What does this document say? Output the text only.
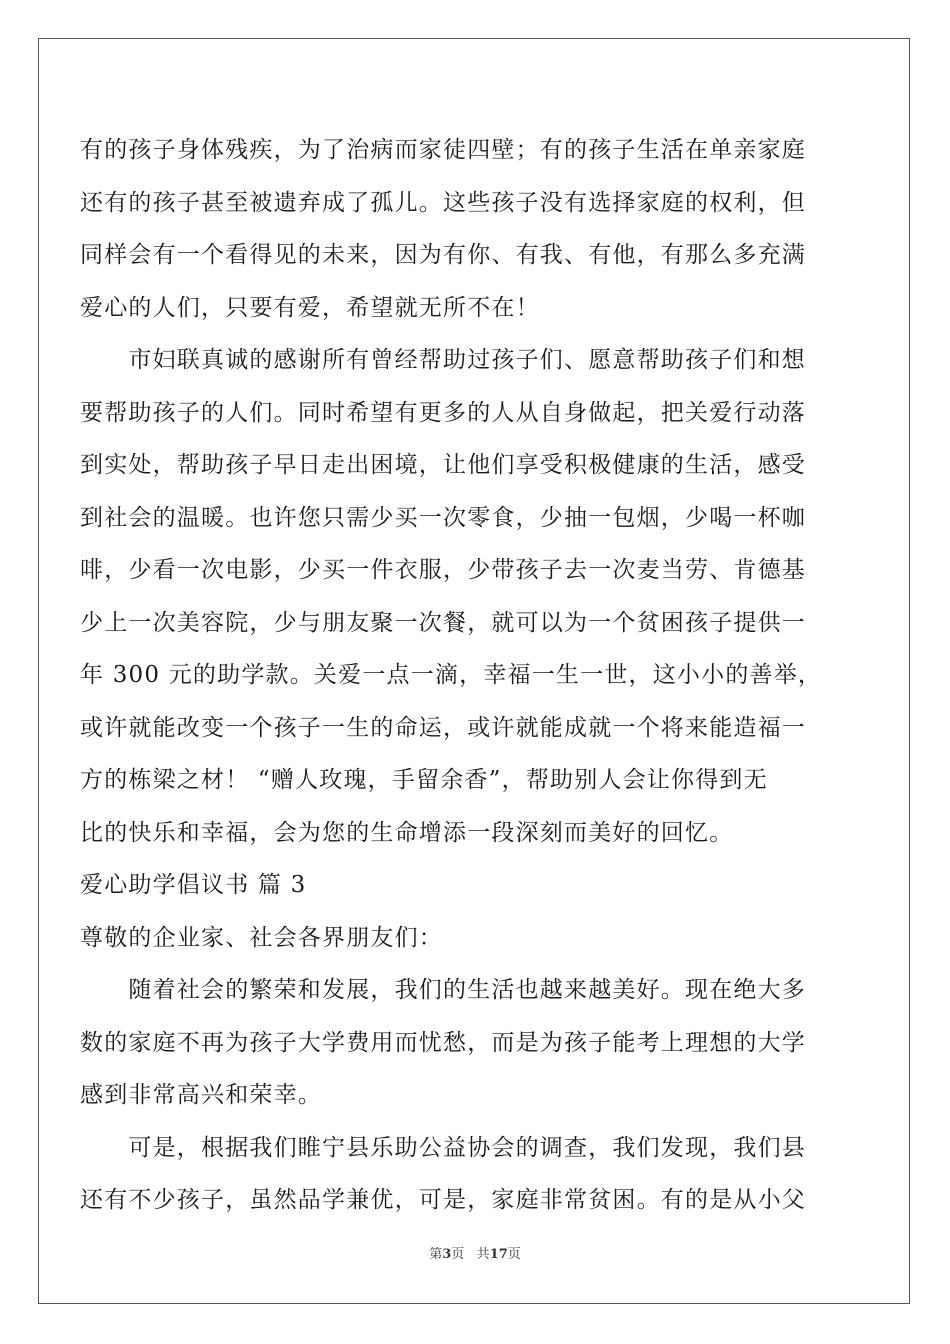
有的孩子身体残疾，为了治病而家徒四壁；有的孩子生活在单亲家庭
还有的孩子甚至被遗弃成了孤儿。这些孩子没有选择家庭的权利，但
同样会有一个看得见的未来，因为有你、有我、有他，有那么多充满
爱心的人们，只要有爱，希望就无所不在！
　　市妇联真诚的感谢所有曾经帮助过孩子们、愿意帮助孩子们和想
要帮助孩子的人们。同时希望有更多的人从自身做起，把关爱行动落
到实处，帮助孩子早日走出困境，让他们享受积极健康的生活，感受
到社会的温暖。也许您只需少买一次零食，少抽一包烟，少喝一杯咖
啡，少看一次电影，少买一件衣服，少带孩子去一次麦当劳、肯德基
少上一次美容院，少与朋友聚一次餐，就可以为一个贫困孩子提供一
年 300 元的助学款。关爱一点一滴，幸福一生一世，这小小的善举，
或许就能改变一个孩子一生的命运，或许就能成就一个将来能造福一
方的栋梁之材！ “赠人玫瑰，手留余香”，帮助别人会让你得到无
比的快乐和幸福，会为您的生命增添一段深刻而美好的回忆。
爱心助学倡议书 篇 3
尊敬的企业家、社会各界朋友们：
　　随着社会的繁荣和发展，我们的生活也越来越美好。现在绝大多
数的家庭不再为孩子大学费用而忧愁，而是为孩子能考上理想的大学
感到非常高兴和荣幸。
　　可是，根据我们睢宁县乐助公益协会的调查，我们发现，我们县
还有不少孩子，虽然品学兼优，可是，家庭非常贫困。有的是从小父
第3页 共17页
